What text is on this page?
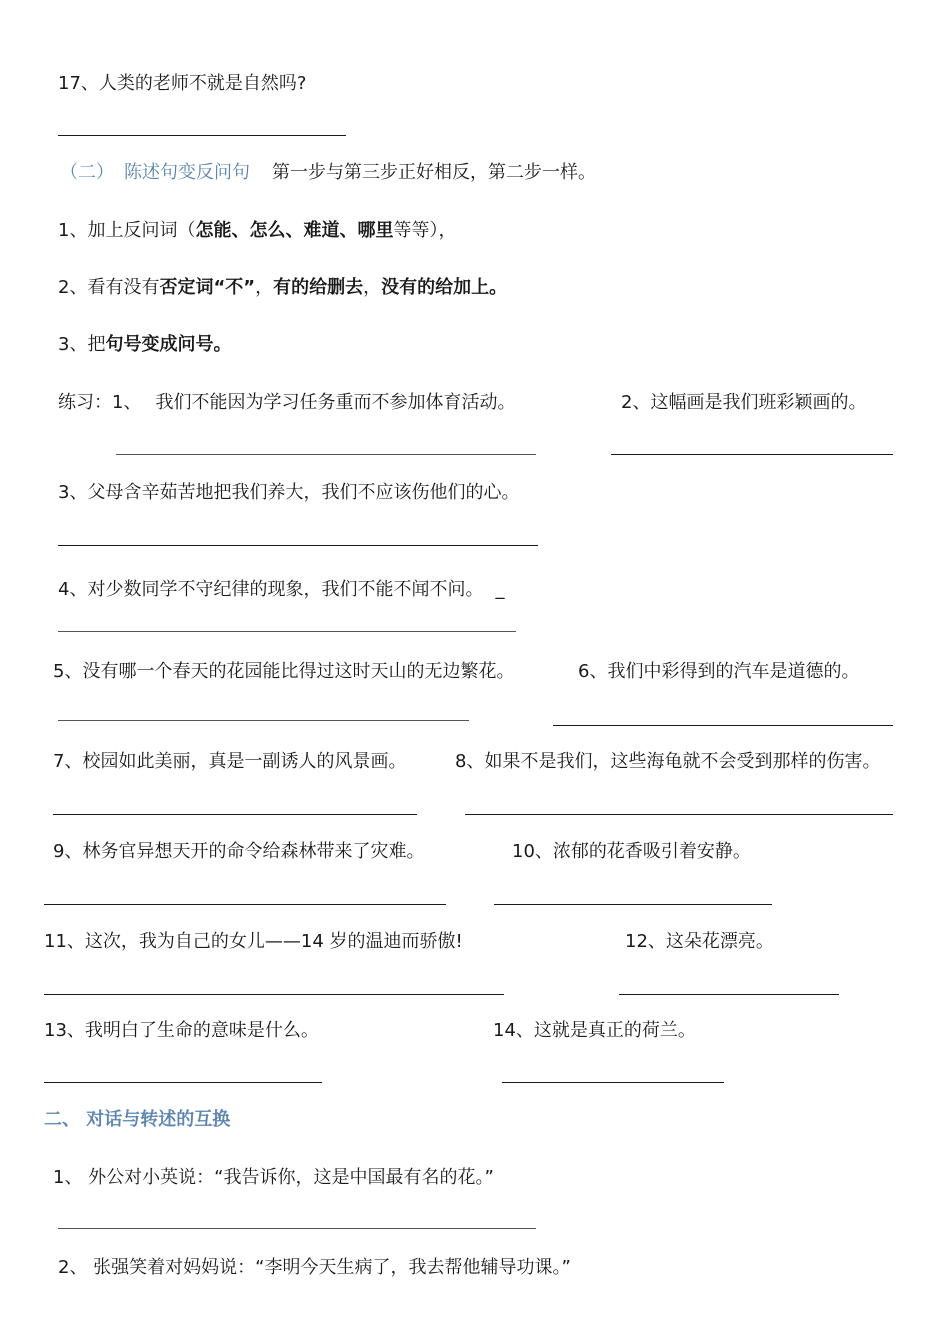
17、人类的老师不就是自然吗?
（二） 陈述句变反问句 第一步与第三步正好相反，第二步一样。
1、加上反问词（怎能、怎么、难道、哪里等等），
2、看有没有否定词“不”，有的给删去，没有的给加上。
3、把句号变成问号。
练习：1、 我们不能因为学习任务重而不参加体育活动。	2、这幅画是我们班彩颖画的。
3、父母含辛茹苦地把我们养大，我们不应该伤他们的心。
4、对少数同学不守纪律的现象，我们不能不闻不问。 _
5、没有哪一个春天的花园能比得过这时天山的无边繁花。	6、我们中彩得到的汽车是道德的。
7、校园如此美丽，真是一副诱人的风景画。	8、如果不是我们，这些海龟就不会受到那样的伤害。
9、林务官异想天开的命令给森林带来了灾难。	10、浓郁的花香吸引着安静。
11、这次，我为自己的女儿——14 岁的温迪而骄傲!	12、这朵花漂亮。
13、我明白了生命的意味是什么。	14、这就是真正的荷兰。
二、 对话与转述的互换
1、 外公对小英说：“我告诉你，这是中国最有名的花。”
2、 张强笑着对妈妈说：“李明今天生病了，我去帮他辅导功课。”
